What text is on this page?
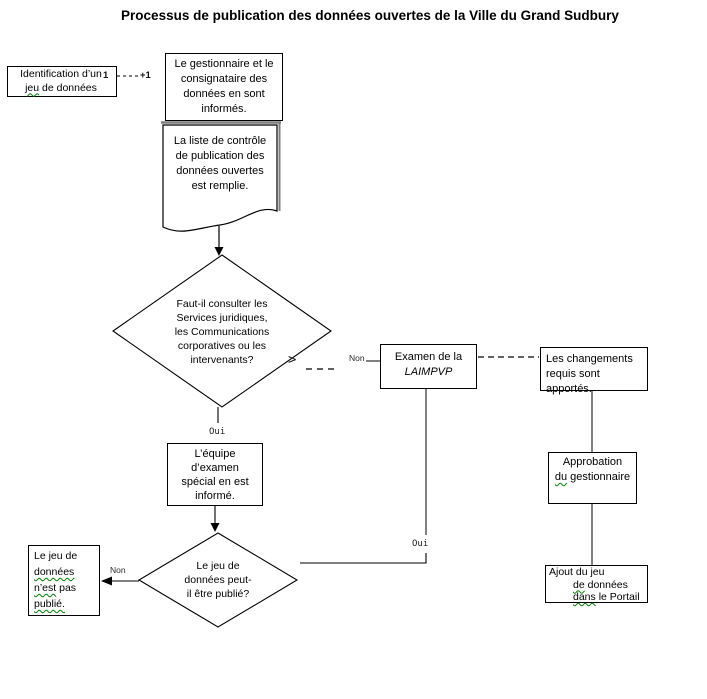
Processus de publication des données ouvertes de la Ville du Grand Sudbury
Identification d’un
jeu de données
1	+1
Le gestionnaire et le
consignataire des
données en sont
informés.
La liste de contrôle
de publication des
données ouvertes
est remplie.
Faut-il consulter les
Services juridiques,
les Communications
corporatives ou les
intervenants?
Oui
>	Non
L’équipe
d’examen
spécial en est
informé.
Le jeu de
données peut-
il être publié?
Non
Le jeu de
données
n’est pas
publié.
Examen de la
LAIMPVP
Oui
Les changements
requis sont apportés.
Approbation
du gestionnaire
Ajout du jeu
de données
dans le Portail
